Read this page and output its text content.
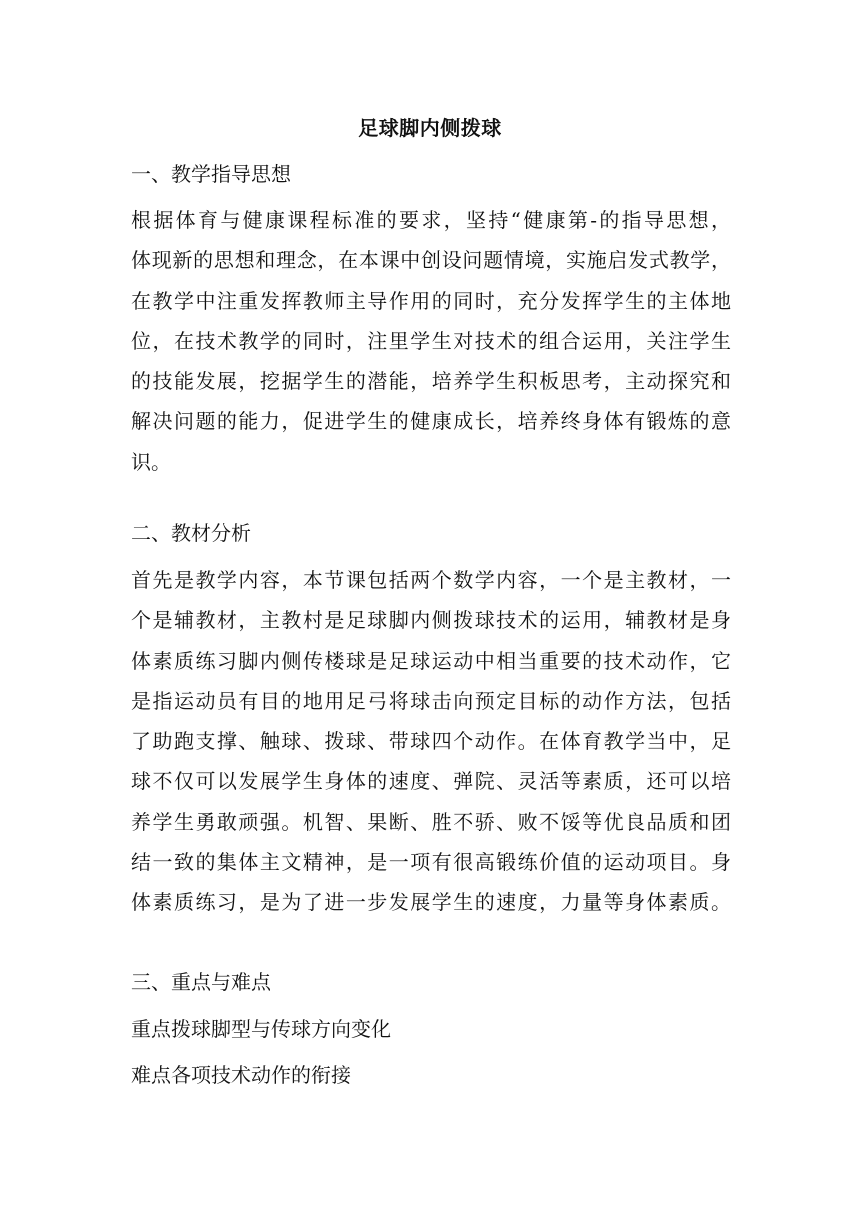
足球脚内侧拨球
一、教学指导思想
根据体育与健康课程标准的要求，坚持“健康第-的指导思想，
体现新的思想和理念，在本课中创设问题情境，实施启发式教学，
在教学中注重发挥教师主导作用的同时，充分发挥学生的主体地
位，在技术教学的同时，注里学生对技术的组合运用，关注学生
的技能发展，挖据学生的潜能，培养学生积板思考，主动探究和
解决问题的能力，促进学生的健康成长，培养终身体有锻炼的意
识。
二、教材分析
首先是教学内容，本节课包括两个数学内容，一个是主教材，一
个是辅教材，主教村是足球脚内侧拨球技术的运用，辅教材是身
体素质练习脚内侧传楼球是足球运动中相当重要的技术动作，它
是指运动员有目的地用足弓将球击向预定目标的动作方法，包括
了助跑支撑、触球、拨球、带球四个动作。在体育教学当中，足
球不仅可以发展学生身体的速度、弹院、灵活等素质，还可以培
养学生勇敢顽强。机智、果断、胜不骄、败不馁等优良品质和团
结一致的集体主文精神，是一项有很高锻练价值的运动项目。身
体素质练习，是为了进一步发展学生的速度，力量等身体素质。
三、重点与难点
重点拨球脚型与传球方向变化
难点各项技术动作的衔接
